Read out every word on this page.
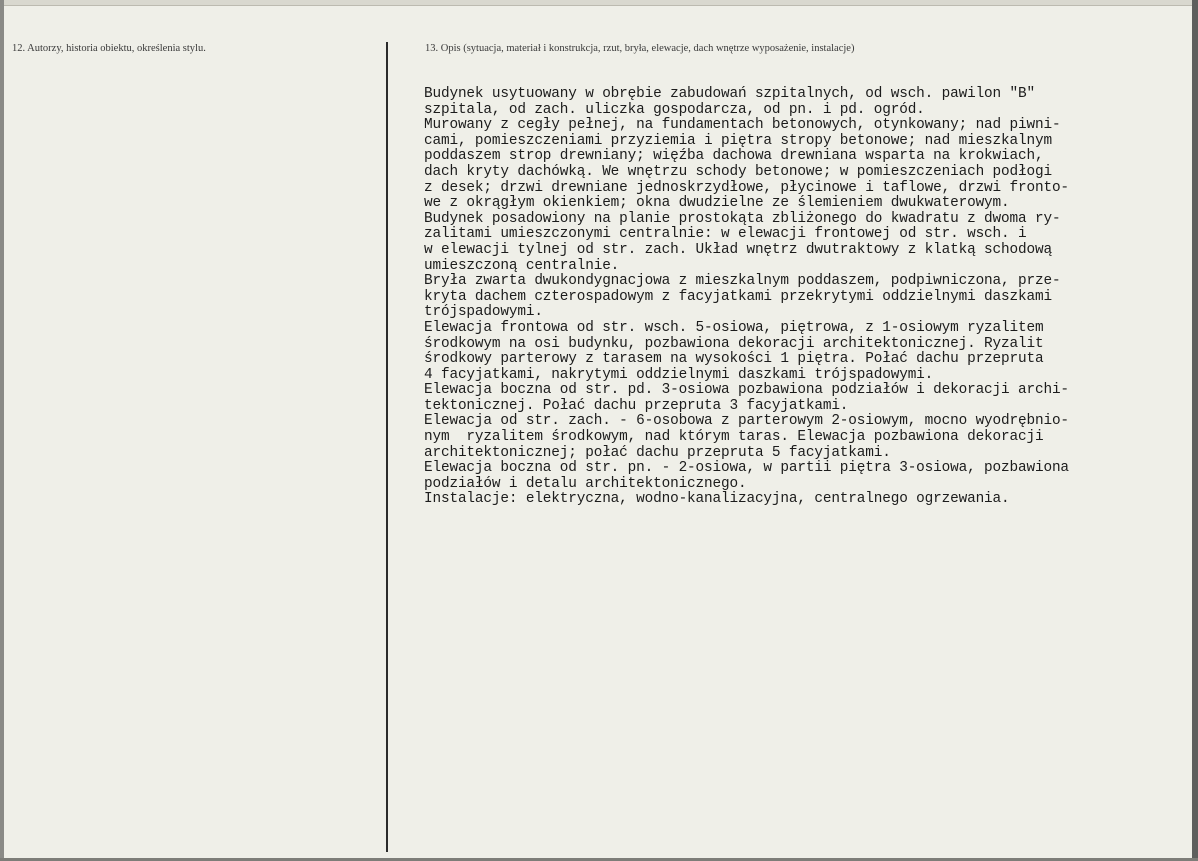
12. Autorzy, historia obiektu, określenia stylu.	13. Opis (sytuacja, materiał i konstrukcja, rzut, bryła, elewacje, dach wnętrze wyposażenie, instalacje)
Budynek usytuowany w obrębie zabudowań szpitalnych, od wsch. pawilon "B"
szpitala, od zach. uliczka gospodarcza, od pn. i pd. ogród.
Murowany z cegły pełnej, na fundamentach betonowych, otynkowany; nad piwni-
cami, pomieszczeniami przyziemia i piętra stropy betonowe; nad mieszkalnym
poddaszem strop drewniany; więźba dachowa drewniana wsparta na krokwiach,
dach kryty dachówką. We wnętrzu schody betonowe; w pomieszczeniach podłogi
z desek; drzwi drewniane jednoskrzydłowe, płycinowe i taflowe, drzwi fronto-
we z okrągłym okienkiem; okna dwudzielne ze ślemieniem dwukwaterowym.
Budynek posadowiony na planie prostokąta zbliżonego do kwadratu z dwoma ry-
zalitami umieszczonymi centralnie: w elewacji frontowej od str. wsch. i
w elewacji tylnej od str. zach. Układ wnętrz dwutraktowy z klatką schodową
umieszczoną centralnie.
Bryła zwarta dwukondygnacjowa z mieszkalnym poddaszem, podpiwniczona, prze-
kryta dachem czterospadowym z facyjatkami przekrytymi oddzielnymi daszkami
trójspadowymi.
Elewacja frontowa od str. wsch. 5-osiowa, piętrowa, z 1-osiowym ryzalitem
środkowym na osi budynku, pozbawiona dekoracji architektonicznej. Ryzalit
środkowy parterowy z tarasem na wysokości 1 piętra. Połać dachu przepruta
4 facyjatkami, nakrytymi oddzielnymi daszkami trójspadowymi.
Elewacja boczna od str. pd. 3-osiowa pozbawiona podziałów i dekoracji archi-
tektonicznej. Połać dachu przepruta 3 facyjatkami.
Elewacja od str. zach. - 6-osobowa z parterowym 2-osiowym, mocno wyodrębnio-
nym  ryzalitem środkowym, nad którym taras. Elewacja pozbawiona dekoracji
architektonicznej; połać dachu przepruta 5 facyjatkami.
Elewacja boczna od str. pn. - 2-osiowa, w partii piętra 3-osiowa, pozbawiona
podziałów i detalu architektonicznego.
Instalacje: elektryczna, wodno-kanalizacyjna, centralnego ogrzewania.
